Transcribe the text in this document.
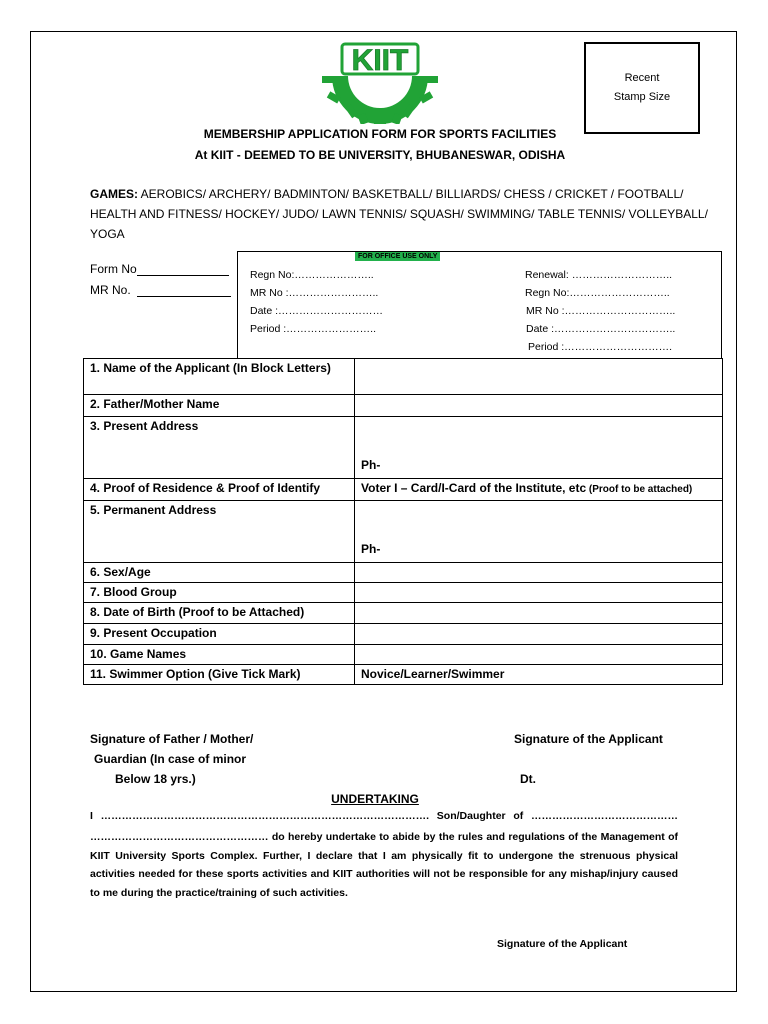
KIIT
Recent
Stamp Size
MEMBERSHIP APPLICATION FORM FOR SPORTS FACILITIES
At KIIT - DEEMED TO BE UNIVERSITY, BHUBANESWAR, ODISHA
GAMES: AEROBICS/ ARCHERY/ BADMINTON/ BASKETBALL/ BILLIARDS/ CHESS / CRICKET / FOOTBALL/ HEALTH AND FITNESS/ HOCKEY/ JUDO/ LAWN TENNIS/ SQUASH/ SWIMMING/ TABLE TENNIS/ VOLLEYBALL/ YOGA
Form No
MR No.
FOR OFFICE USE ONLY
Regn No:…………………..
MR No :……………………..
Date :…………………………
Period :……………………..
Renewal: ………………………..
Regn No:………………………..
MR No :…………………………..
Date :……………………………..
Period :………………………….
1. Name of the Applicant (In Block Letters)	
2. Father/Mother Name	
3. Present Address	Ph-
4. Proof of Residence & Proof of Identify	Voter I – Card/I-Card of the Institute, etc (Proof to be attached)
5. Permanent Address	Ph-
6. Sex/Age	
7. Blood Group	
8. Date of Birth (Proof to be Attached)	
9. Present Occupation	
10. Game Names	
11. Swimmer Option (Give Tick Mark)	Novice/Learner/Swimmer
Signature of Father / Mother/
Guardian (In case of minor
Below 18 yrs.)
Signature of the Applicant
Dt.
UNDERTAKING
I …………………………………………………………………………………. Son/Daughter of ……………………………………
…………………………………………… do hereby undertake to abide by the rules and regulations of the Management of KIIT University Sports Complex. Further, I declare that I am physically fit to undergone the strenuous physical activities needed for these sports activities and KIIT authorities will not be responsible for any mishap/injury caused to me during the practice/training of such activities.
Signature of the Applicant
